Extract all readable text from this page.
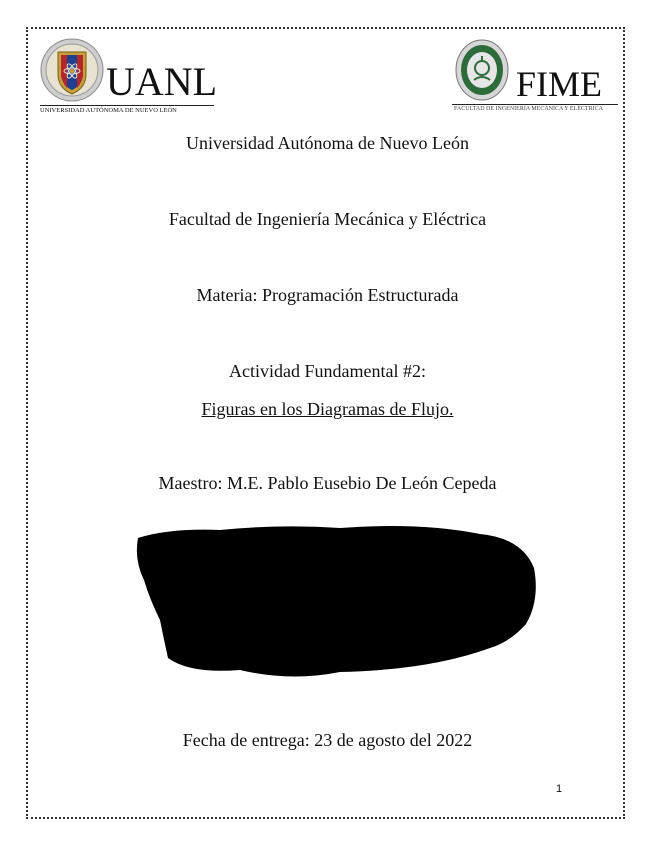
UANL
UNIVERSIDAD AUTÓNOMA DE NUEVO LEÓN
FIME
FACULTAD DE INGENIERÍA MECÁNICA Y ELÉCTRICA
Universidad Autónoma de Nuevo León
Facultad de Ingeniería Mecánica y Eléctrica
Materia: Programación Estructurada
Actividad Fundamental #2:
Figuras en los Diagramas de Flujo.
Maestro: M.E. Pablo Eusebio De León Cepeda
Fecha de entrega: 23 de agosto del 2022
1
